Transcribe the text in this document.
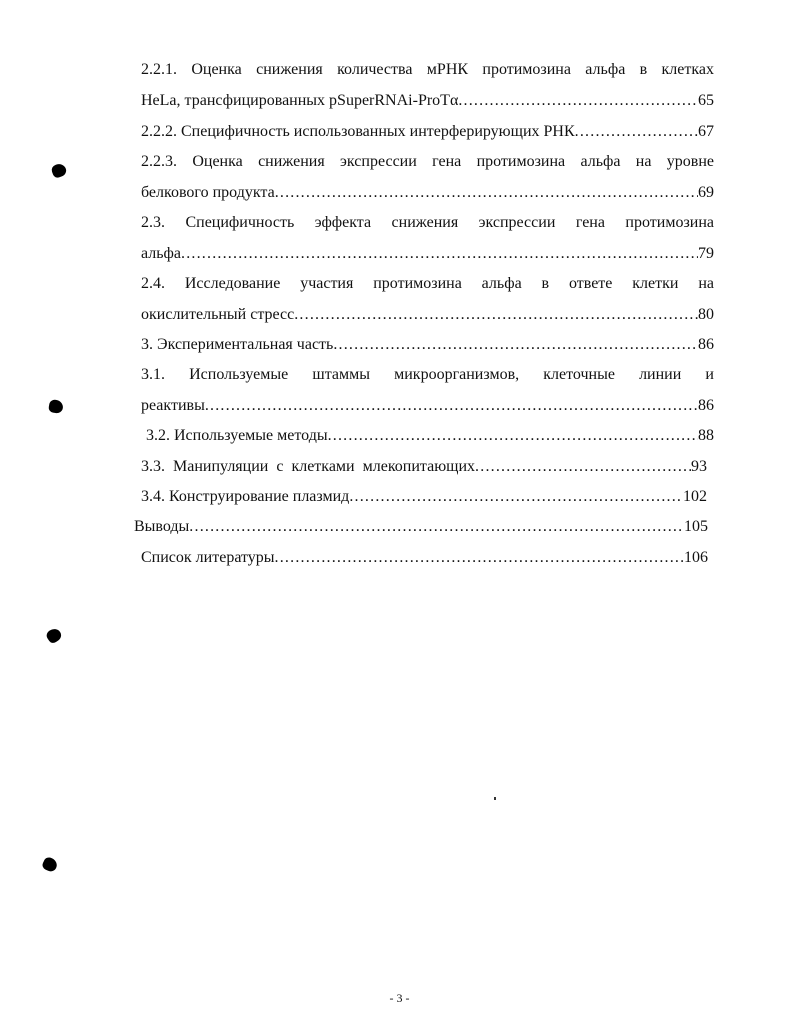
2.2.1. Оценка снижения количества мРНК протимозина альфа в клетках
HeLa, трансфицированных pSuperRNAi-ProTα .....	65
2.2.2. Специфичность использованных интерферирующих РНК .....	67
2.2.3. Оценка снижения экспрессии гена протимозина альфа на уровне
белкового продукта .....	69
2.3. Специфичность эффекта снижения экспрессии гена протимозина
альфа .....	79
2.4. Исследование участия протимозина альфа в ответе клетки на
окислительный стресс .....	80
3. Экспериментальная часть .....	86
3.1. Используемые штаммы микроорганизмов, клеточные линии и
реактивы .....	86
3.2. Используемые методы .....	88
3.3. Манипуляции с клетками млекопитающих .....	93
3.4. Конструирование плазмид .....	102
Выводы .....	105
Список литературы .....	106
- 3 -
